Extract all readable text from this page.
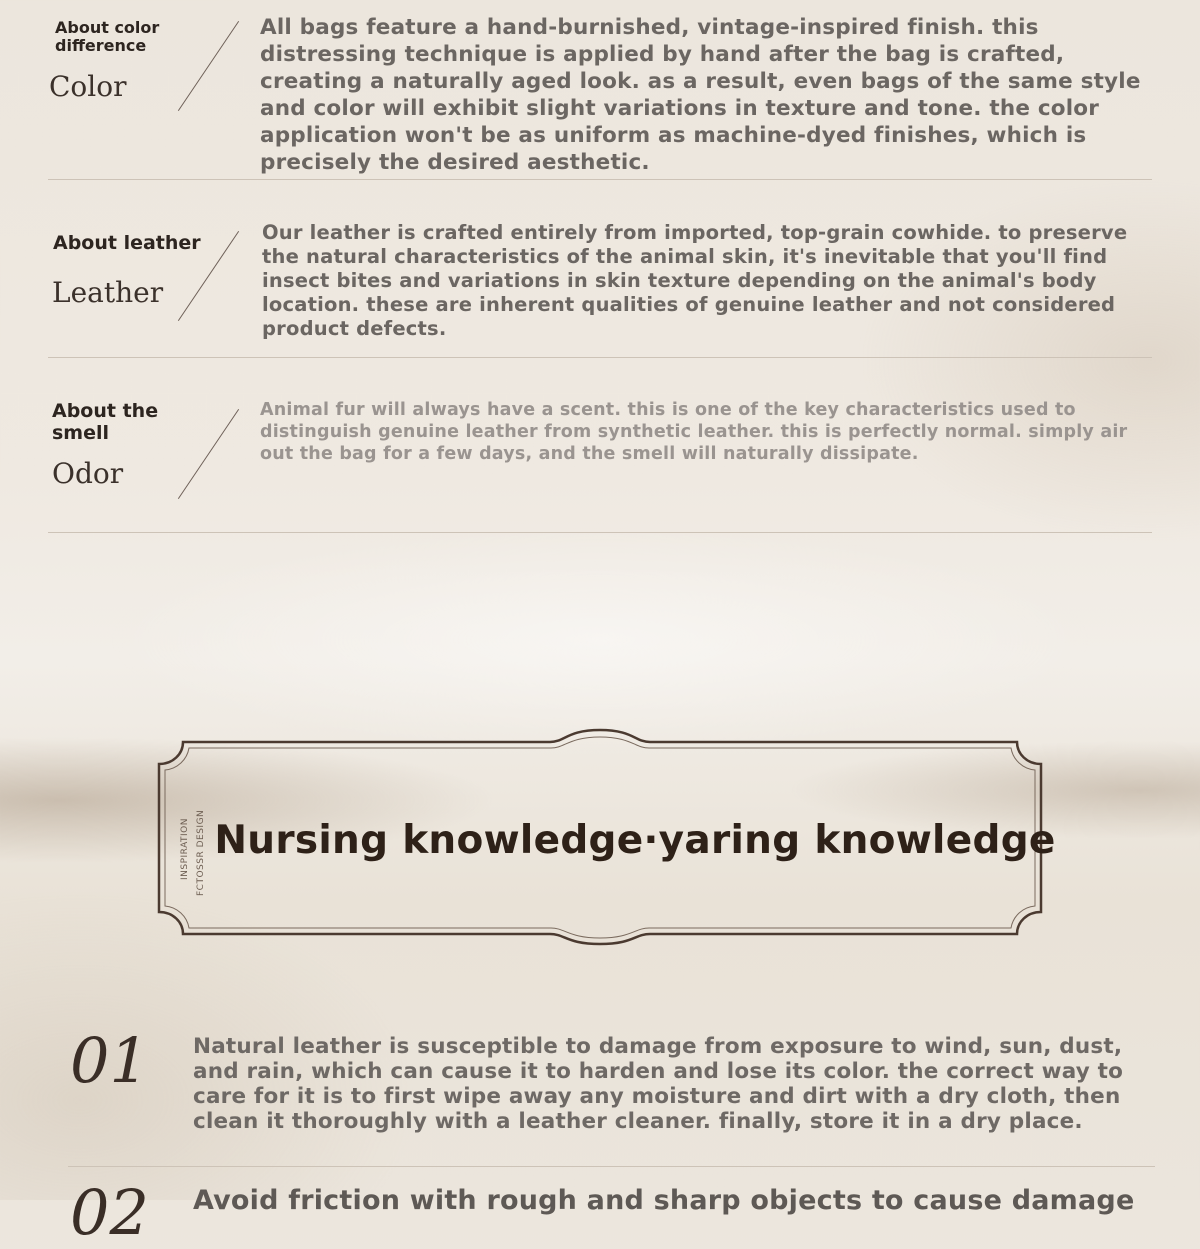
About color
difference
Color
All bags feature a hand-burnished, vintage-inspired finish. this distressing technique is applied by hand after the bag is crafted, creating a naturally aged look. as a result, even bags of the same style and color will exhibit slight variations in texture and tone. the color application won't be as uniform as machine-dyed finishes, which is precisely the desired aesthetic.
About leather
Leather
Our leather is crafted entirely from imported, top-grain cowhide. to preserve the natural characteristics of the animal skin, it's inevitable that you'll find insect bites and variations in skin texture depending on the animal's body location. these are inherent qualities of genuine leather and not considered product defects.
About the
smell
Odor
Animal fur will always have a scent. this is one of the key characteristics used to distinguish genuine leather from synthetic leather. this is perfectly normal. simply air out the bag for a few days, and the smell will naturally dissipate.
INSPIRATION FCTOSSR DESIGN Nursing knowledge·yaring knowledge
01 Natural leather is susceptible to damage from exposure to wind, sun, dust, and rain, which can cause it to harden and lose its color. the correct way to care for it is to first wipe away any moisture and dirt with a dry cloth, then clean it thoroughly with a leather cleaner. finally, store it in a dry place.
02 Avoid friction with rough and sharp objects to cause damage
